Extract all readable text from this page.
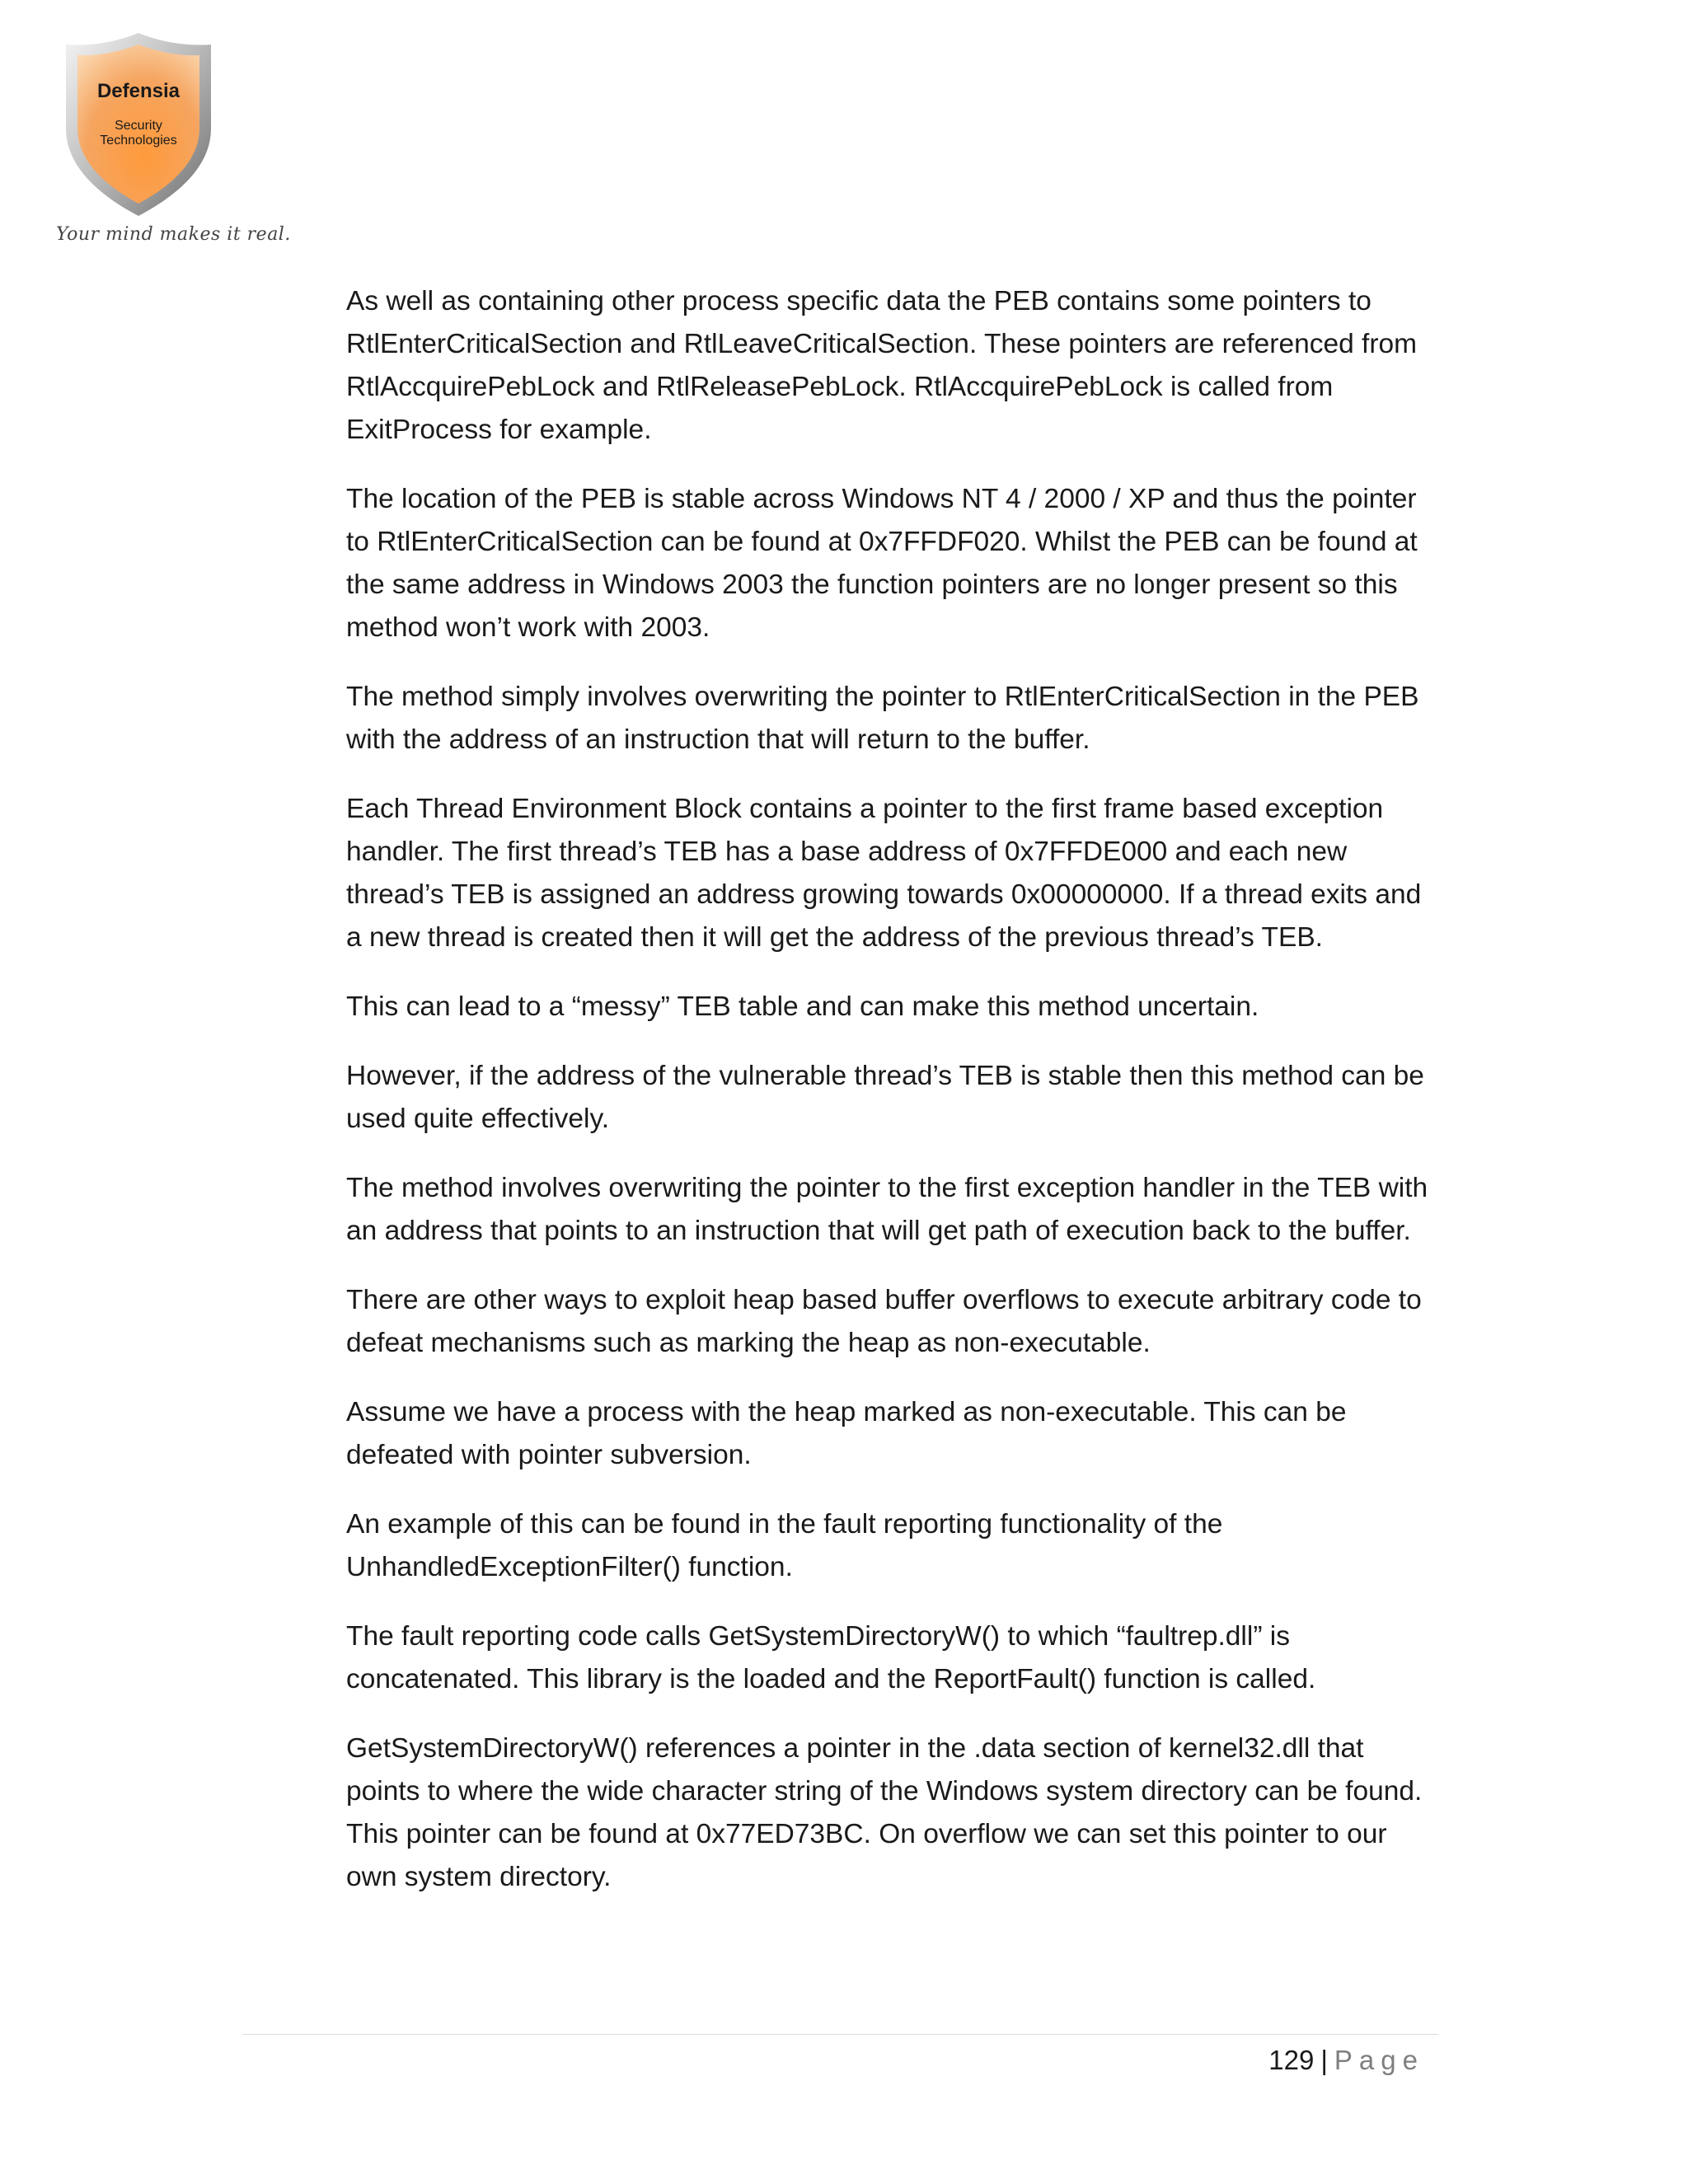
Defensia
Security
Technologies
Your mind makes it real.

As well as containing other process specific data the PEB contains some pointers to RtlEnterCriticalSection and RtlLeaveCriticalSection. These pointers are referenced from RtlAccquirePebLock and RtlReleasePebLock. RtlAccquirePebLock is called from ExitProcess for example.

The location of the PEB is stable across Windows NT 4 / 2000 / XP and thus the pointer to RtlEnterCriticalSection can be found at 0x7FFDF020. Whilst the PEB can be found at the same address in Windows 2003 the function pointers are no longer present so this method won’t work with 2003.

The method simply involves overwriting the pointer to RtlEnterCriticalSection in the PEB with the address of an instruction that will return to the buffer.

Each Thread Environment Block contains a pointer to the first frame based exception handler. The first thread’s TEB has a base address of 0x7FFDE000 and each new thread’s TEB is assigned an address growing towards 0x00000000. If a thread exits and a new thread is created then it will get the address of the previous thread’s TEB.

This can lead to a “messy” TEB table and can make this method uncertain.

However, if the address of the vulnerable thread’s TEB is stable then this method can be used quite effectively.

The method involves overwriting the pointer to the first exception handler in the TEB with an address that points to an instruction that will get path of execution back to the buffer.

There are other ways to exploit heap based buffer overflows to execute arbitrary code to defeat mechanisms such as marking the heap as non-executable.

Assume we have a process with the heap marked as non-executable. This can be defeated with pointer subversion.

An example of this can be found in the fault reporting functionality of the UnhandledExceptionFilter() function.

The fault reporting code calls GetSystemDirectoryW() to which “faultrep.dll” is concatenated. This library is the loaded and the ReportFault() function is called.

GetSystemDirectoryW() references a pointer in the .data section of kernel32.dll that points to where the wide character string of the Windows system directory can be found. This pointer can be found at 0x77ED73BC. On overflow we can set this pointer to our own system directory.

129 | Page
